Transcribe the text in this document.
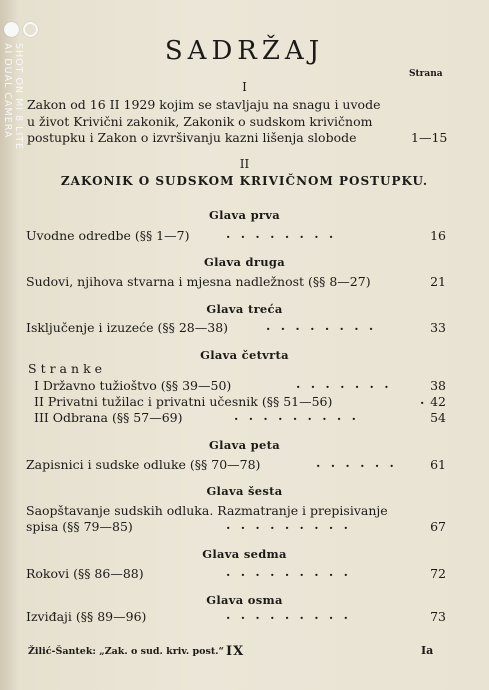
SHOT ON MI 8 LITE
AI DUAL CAMERA	SADRŽAJ
Strana
I
Zakon od 16 II 1929 kojim se stavljaju na snagu i uvode
u život Krivični zakonik, Zakonik o sudskom krivičnom
postupku i Zakon o izvršivanju kazni lišenja slobode	1—15
II
ZAKONIK O SUDSKOM KRIVIČNOM POSTUPKU.
Glava prva
Uvodne odredbe (§§ 1—7)	. . . . . . . .	16
Glava druga
Sudovi, njihova stvarna i mjesna nadležnost (§§ 8—27)	21
Glava treća
Isključenje i izuzeće (§§ 28—38)	. . . . . . . .	33
Glava četvrta
Stranke
I Državno tužioštvo (§§ 39—50)	. . . . . . .	38
II Privatni tužilac i privatni učesnik (§§ 51—56)	. 42
III Odbrana (§§ 57—69)	. . . . . . . . .	54
Glava peta
Zapisnici i sudske odluke (§§ 70—78)	. . . . . .	61
Glava šesta
Saopštavanje sudskih odluka. Razmatranje i prepisivanje
spisa (§§ 79—85)	. . . . . . . . .	67
Glava sedma
Rokovi (§§ 86—88)	. . . . . . . . .	72
Glava osma
Izviđaji (§§ 89—96)	. . . . . . . . .	73
Žilić-Šantek: „Zak. o sud. kriv. post.“ IX	Ia
